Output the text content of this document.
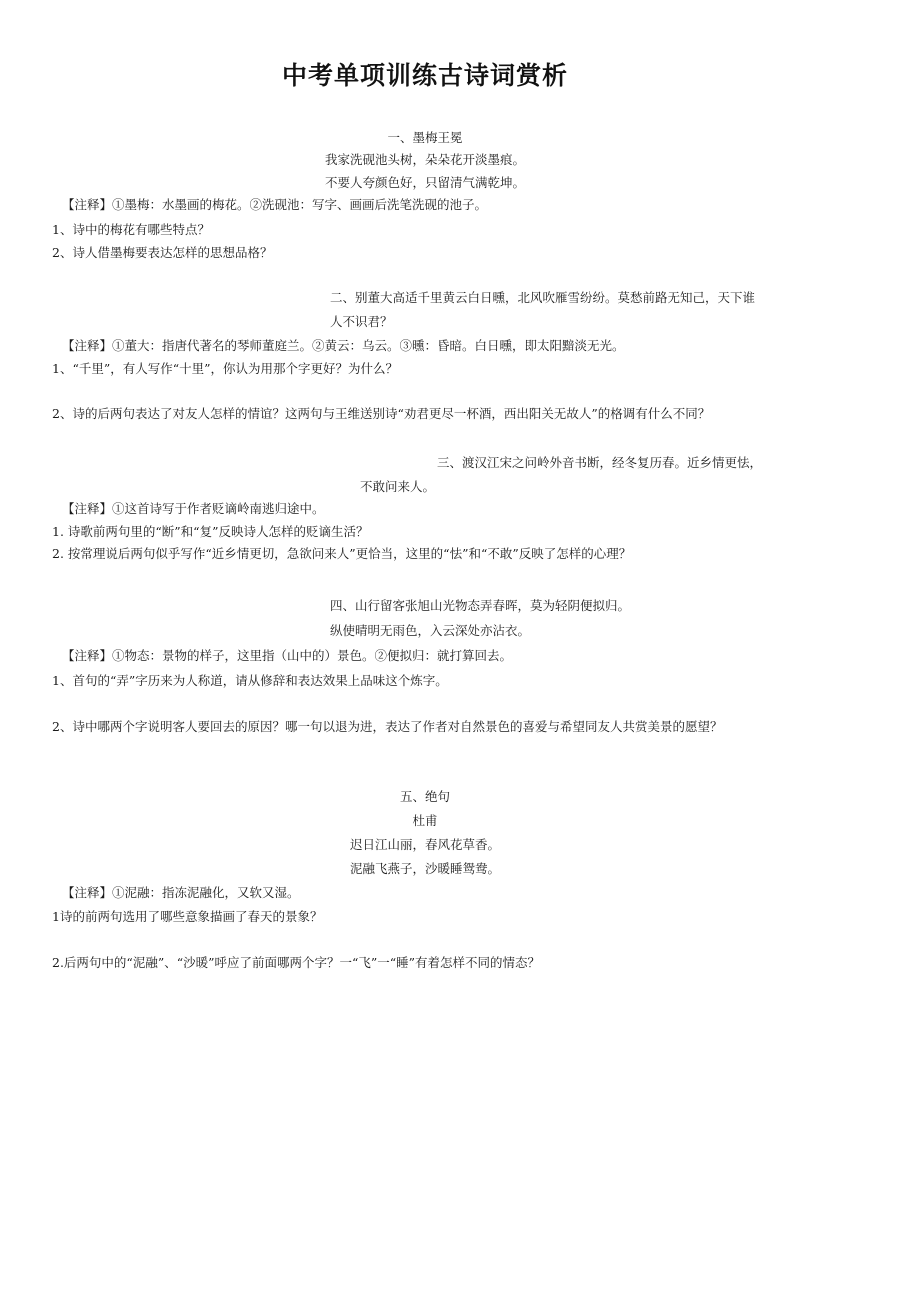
中考单项训练古诗词赏析
一、墨梅王冕
我家洗砚池头树，朵朵花开淡墨痕。
不要人夸颜色好，只留清气满乾坤。
【注释】①墨梅：水墨画的梅花。②洗砚池：写字、画画后洗笔洗砚的池子。
1、诗中的梅花有哪些特点？
2、诗人借墨梅要表达怎样的思想品格？
二、别董大高适千里黄云白日曛，北风吹雁雪纷纷。莫愁前路无知己，天下谁
人不识君？
【注释】①董大：指唐代著名的琴师董庭兰。②黄云：乌云。③曛：昏暗。白日曛，即太阳黯淡无光。
1、“千里”，有人写作“十里”，你认为用那个字更好？为什么？
2、诗的后两句表达了对友人怎样的情谊？这两句与王维送别诗“劝君更尽一杯酒，西出阳关无故人”的格调有什么不同？
三、渡汉江宋之问岭外音书断，经冬复历春。近乡情更怯，
不敢问来人。
【注释】①这首诗写于作者贬谪岭南逃归途中。
1. 诗歌前两句里的“断”和“复”反映诗人怎样的贬谪生活？
2. 按常理说后两句似乎写作“近乡情更切，急欲问来人”更恰当，这里的“怯”和“不敢”反映了怎样的心理？
四、山行留客张旭山光物态弄春晖，莫为轻阴便拟归。
纵使晴明无雨色，入云深处亦沾衣。
【注释】①物态：景物的样子，这里指（山中的）景色。②便拟归：就打算回去。
1、首句的“弄”字历来为人称道，请从修辞和表达效果上品味这个炼字。
2、诗中哪两个字说明客人要回去的原因？哪一句以退为进，表达了作者对自然景色的喜爱与希望同友人共赏美景的愿望？
五、绝句
杜甫
迟日江山丽，春风花草香。
泥融飞燕子，沙暖睡鸳鸯。
【注释】①泥融：指冻泥融化，又软又湿。
1诗的前两句选用了哪些意象描画了春天的景象？
2.后两句中的“泥融”、“沙暖”呼应了前面哪两个字？一“飞”一“睡”有着怎样不同的情态？
